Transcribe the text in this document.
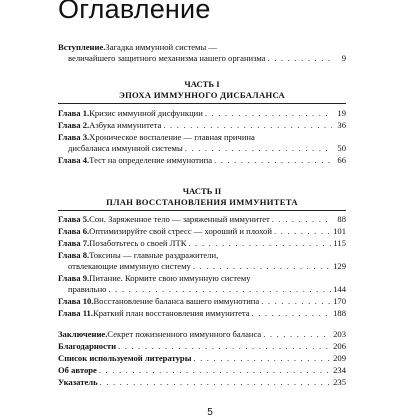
Оглавление
Вступление. Загадка иммунной системы —
величайшего защитного механизма нашего организма . . .	9
ЧАСТЬ I
ЭПОХА ИММУННОГО ДИСБАЛАНСА
Глава 1. Кризис иммунной дисфункции . . .	19
Глава 2. Азбука иммунитета . . .	36
Глава 3. Хроническое воспаление — главная причина
дисбаланса иммунной системы . . .	50
Глава 4. Тест на определение иммунотипа . . .	66
ЧАСТЬ II
ПЛАН ВОССТАНОВЛЕНИЯ ИММУНИТЕТА
Глава 5. Сон. Заряженное тело — заряженный иммунитет . . .	88
Глава 6. Оптимизируйте свой стресс — хороший и плохой . . .	101
Глава 7. Позаботьтесь о своей ЛТК . . .	115
Глава 8. Токсины — главные раздражители,
отвлекающие иммунную систему . . .	129
Глава 9. Питание. Кормите свою иммунную систему
правильно . . .	144
Глава 10. Восстановление баланса вашего иммунотипа . . .	170
Глава 11. Краткий план восстановления иммунитета . . .	188
Заключение. Секрет пожизненного иммунного баланса . . .	203
Благодарности . . .	206
Список используемой литературы . . .	209
Об авторе . . .	234
Указатель . . .	235
5
